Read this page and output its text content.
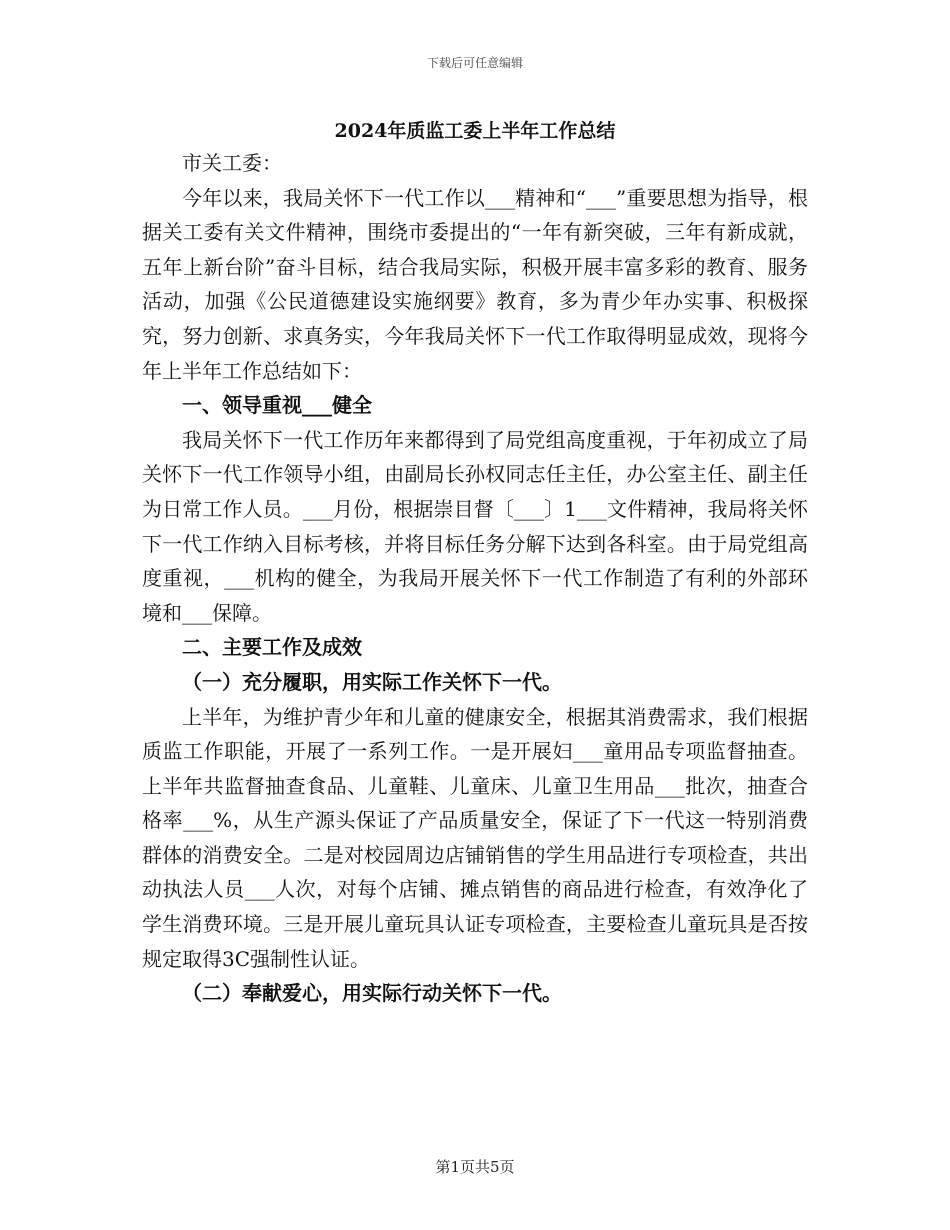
下载后可任意编辑
2024年质监工委上半年工作总结

市关工委：

今年以来，我局关怀下一代工作以___精神和“___”重要思想为指导，根据关工委有关文件精神，围绕市委提出的“一年有新突破，三年有新成就，五年上新台阶”奋斗目标，结合我局实际，积极开展丰富多彩的教育、服务活动，加强《公民道德建设实施纲要》教育，多为青少年办实事、积极探究，努力创新、求真务实，今年我局关怀下一代工作取得明显成效，现将今年上半年工作总结如下：

一、领导重视___健全

我局关怀下一代工作历年来都得到了局党组高度重视，于年初成立了局关怀下一代工作领导小组，由副局长孙权同志任主任，办公室主任、副主任为日常工作人员。___月份，根据崇目督〔___〕1___文件精神，我局将关怀下一代工作纳入目标考核，并将目标任务分解下达到各科室。由于局党组高度重视，___机构的健全，为我局开展关怀下一代工作制造了有利的外部环境和___保障。

二、主要工作及成效

（一）充分履职，用实际工作关怀下一代。

上半年，为维护青少年和儿童的健康安全，根据其消费需求，我们根据质监工作职能，开展了一系列工作。一是开展妇___童用品专项监督抽查。上半年共监督抽查食品、儿童鞋、儿童床、儿童卫生用品___批次，抽查合格率___%，从生产源头保证了产品质量安全，保证了下一代这一特别消费群体的消费安全。二是对校园周边店铺销售的学生用品进行专项检查，共出动执法人员___人次，对每个店铺、摊点销售的商品进行检查，有效净化了学生消费环境。三是开展儿童玩具认证专项检查，主要检查儿童玩具是否按规定取得3C强制性认证。

（二）奉献爱心，用实际行动关怀下一代。

第1页共5页
